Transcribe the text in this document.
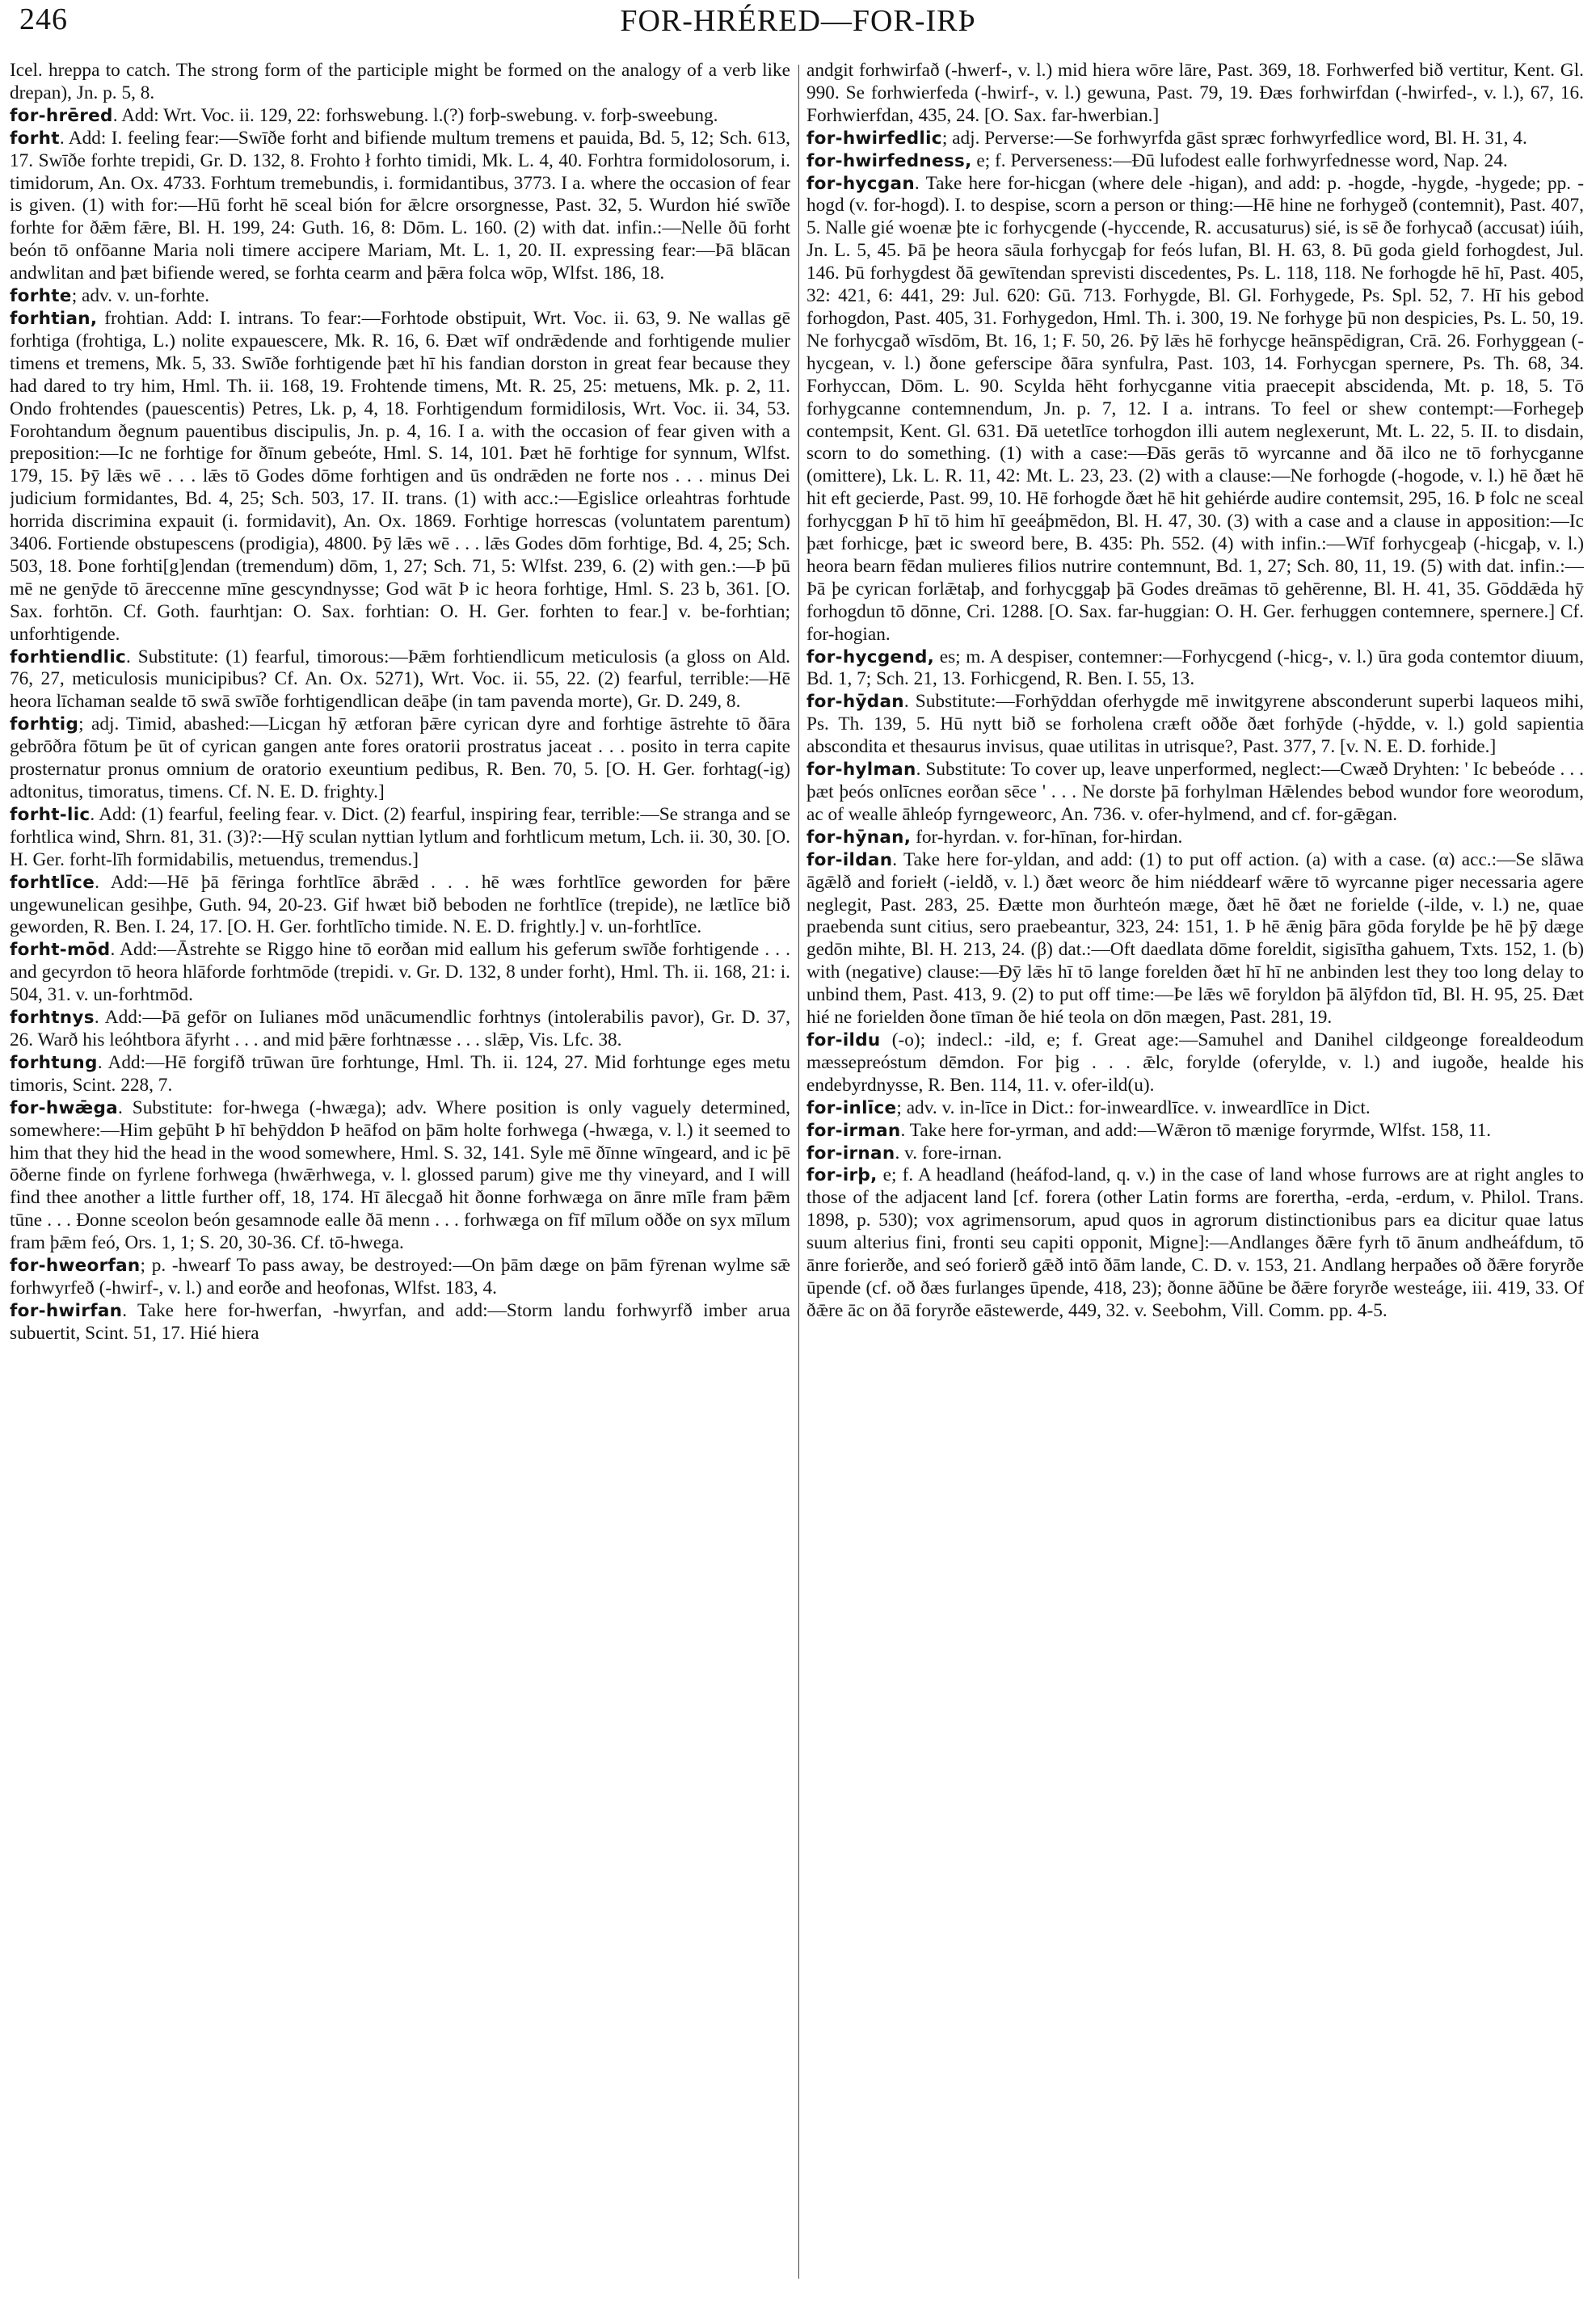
246	FOR-HRÉRED—FOR-IRÞ

Icel. hreppa to catch. The strong form of the participle might be formed on the analogy of a verb like drepan), Jn. p. 5, 8.

for-hrēred. Add: Wrt. Voc. ii. 129, 22: forhswebung. l.(?) forþ-swebung. v. forþ-sweebung.

forht. Add: I. feeling fear:—Swīðe forht and bifiende multum tremens et pauida, Bd. 5, 12; Sch. 613, 17. Swīðe forhte trepidi, Gr. D. 132, 8. Frohto ł forhto timidi, Mk. L. 4, 40. Forhtra formidolosorum, i. timidorum, An. Ox. 4733. Forhtum tremebundis, i. formidantibus, 3773. I a. where the occasion of fear is given. (1) with for:—Hū forht hē sceal bión for ǣlcre orsorgnesse, Past. 32, 5. Wurdon hié swīðe forhte for ðǣm fǣre, Bl. H. 199, 24: Guth. 16, 8: Dōm. L. 160. (2) with dat. infin.:—Nelle ðū forht beón tō onfōanne Maria noli timere accipere Mariam, Mt. L. 1, 20. II. expressing fear:—Þā blācan andwlitan and þæt bifiende wered, se forhta cearm and þǣra folca wōp, Wlfst. 186, 18.

forhte; adv. v. un-forhte.

forhtian, frohtian. Add: I. intrans. To fear:—Forhtode obstipuit, Wrt. Voc. ii. 63, 9. Ne wallas gē forhtiga (frohtiga, L.) nolite expauescere, Mk. R. 16, 6. Ðæt wīf ondrǣdende and forhtigende mulier timens et tremens, Mk. 5, 33. Swīðe forhtigende þæt hī his fandian dorston in great fear because they had dared to try him, Hml. Th. ii. 168, 19. Frohtende timens, Mt. R. 25, 25: metuens, Mk. p. 2, 11. Ondo frohtendes (pauescentis) Petres, Lk. p, 4, 18. Forhtigendum formidilosis, Wrt. Voc. ii. 34, 53. Forohtandum ðegnum pauentibus discipulis, Jn. p. 4, 16. I a. with the occasion of fear given with a preposition:—Ic ne forhtige for ðīnum gebeóte, Hml. S. 14, 101. Þæt hē forhtige for synnum, Wlfst. 179, 15. Þȳ lǣs wē . . . lǣs tō Godes dōme forhtigen and ūs ondrǣden ne forte nos . . . minus Dei judicium formidantes, Bd. 4, 25; Sch. 503, 17. II. trans. (1) with acc.:—Egislice orleahtras forhtude horrida discrimina expauit (i. formidavit), An. Ox. 1869. Forhtige horrescas (voluntatem parentum) 3406. Fortiende obstupescens (prodigia), 4800. Þȳ lǣs wē . . . lǣs Godes dōm forhtige, Bd. 4, 25; Sch. 503, 18. Þone forhti[g]endan (tremendum) dōm, 1, 27; Sch. 71, 5: Wlfst. 239, 6. (2) with gen.:—Þ þū mē ne genȳde tō āreccenne mīne gescyndnysse; God wāt Þ ic heora forhtige, Hml. S. 23 b, 361. [O. Sax. forhtōn. Cf. Goth. faurhtjan: O. Sax. forhtian: O. H. Ger. forhten to fear.] v. be-forhtian; unforhtigende.

forhtiendlic. Substitute: (1) fearful, timorous:—Þǣm forhtiendlicum meticulosis (a gloss on Ald. 76, 27, meticulosis municipibus? Cf. An. Ox. 5271), Wrt. Voc. ii. 55, 22. (2) fearful, terrible:—Hē heora līchaman sealde tō swā swīðe forhtigendlican deāþe (in tam pavenda morte), Gr. D. 249, 8.

forhtig; adj. Timid, abashed:—Licgan hȳ ætforan þǣre cyrican dyre and forhtige āstrehte tō ðāra gebrōðra fōtum þe ūt of cyrican gangen ante fores oratorii prostratus jaceat . . . posito in terra capite prosternatur pronus omnium de oratorio exeuntium pedibus, R. Ben. 70, 5. [O. H. Ger. forhtag(-ig) adtonitus, timoratus, timens. Cf. N. E. D. frighty.]

forht-lic. Add: (1) fearful, feeling fear. v. Dict. (2) fearful, inspiring fear, terrible:—Se stranga and se forhtlica wind, Shrn. 81, 31. (3)?:—Hȳ sculan nyttian lytlum and forhtlicum metum, Lch. ii. 30, 30. [O. H. Ger. forht-līh formidabilis, metuendus, tremendus.]

forhtlīce. Add:—Hē þā fēringa forhtlīce ābrǣd . . . hē wæs forhtlīce geworden for þǣre ungewunelican gesihþe, Guth. 94, 20-23. Gif hwæt bið beboden ne forhtlīce (trepide), ne lætlīce bið geworden, R. Ben. I. 24, 17. [O. H. Ger. forhtlīcho timide. N. E. D. frightly.] v. un-forhtlīce.

forht-mōd. Add:—Āstrehte se Riggo hine tō eorðan mid eallum his geferum swīðe forhtigende . . . and gecyrdon tō heora hlāforde forhtmōde (trepidi. v. Gr. D. 132, 8 under forht), Hml. Th. ii. 168, 21: i. 504, 31. v. un-forhtmōd.

forhtnys. Add:—Þā gefōr on Iulianes mōd unācumendlic forhtnys (intolerabilis pavor), Gr. D. 37, 26. Warð his leóhtbora āfyrht . . . and mid þǣre forhtnæsse . . . slǣp, Vis. Lfc. 38.

forhtung. Add:—Hē forgifð trūwan ūre forhtunge, Hml. Th. ii. 124, 27. Mid forhtunge eges metu timoris, Scint. 228, 7.

for-hwǣga. Substitute: for-hwega (-hwæga); adv. Where position is only vaguely determined, somewhere:—Him geþūht Þ hī behȳddon Þ heāfod on þām holte forhwega (-hwæga, v. l.) it seemed to him that they hid the head in the wood somewhere, Hml. S. 32, 141. Syle mē ðīnne wīngeard, and ic þē ōðerne finde on fyrlene forhwega (hwǣrhwega, v. l. glossed parum) give me thy vineyard, and I will find thee another a little further off, 18, 174. Hī ālecgað hit ðonne forhwæga on ānre mīle fram þǣm tūne . . . Ðonne sceolon beón gesamnode ealle ðā menn . . . forhwæga on fīf mīlum oððe on syx mīlum fram þǣm feó, Ors. 1, 1; S. 20, 30-36. Cf. tō-hwega.

for-hweorfan; p. -hwearf To pass away, be destroyed:—On þām dæge on þām fȳrenan wylme sǣ forhwyrfeð (-hwirf-, v. l.) and eorðe and heofonas, Wlfst. 183, 4.

for-hwirfan. Take here for-hwerfan, -hwyrfan, and add:—Storm landu forhwyrfð imber arua subuertit, Scint. 51, 17. Hié hiera

andgit forhwirfað (-hwerf-, v. l.) mid hiera wōre lāre, Past. 369, 18. Forhwerfed bið vertitur, Kent. Gl. 990. Se forhwierfeda (-hwirf-, v. l.) gewuna, Past. 79, 19. Ðæs forhwirfdan (-hwirfed-, v. l.), 67, 16. Forhwierfdan, 435, 24. [O. Sax. far-hwerbian.]

for-hwirfedlic; adj. Perverse:—Se forhwyrfda gāst spræc forhwyrfedlice word, Bl. H. 31, 4.

for-hwirfedness, e; f. Perverseness:—Ðū lufodest ealle forhwyrfednesse word, Nap. 24.

for-hycgan. Take here for-hicgan (where dele -higan), and add: p. -hogde, -hygde, -hygede; pp. -hogd (v. for-hogd). I. to despise, scorn a person or thing:—Hē hine ne forhygeð (contemnit), Past. 407, 5. Nalle gié woenæ þte ic forhycgende (-hyccende, R. accusaturus) sié, is sē ðe forhycað (accusat) iúih, Jn. L. 5, 45. Þā þe heora sāula forhycgaþ for feós lufan, Bl. H. 63, 8. Þū goda gield forhogdest, Jul. 146. Þū forhygdest ðā gewītendan sprevisti discedentes, Ps. L. 118, 118. Ne forhogde hē hī, Past. 405, 32: 421, 6: 441, 29: Jul. 620: Gū. 713. Forhygde, Bl. Gl. Forhygede, Ps. Spl. 52, 7. Hī his gebod forhogdon, Past. 405, 31. Forhygedon, Hml. Th. i. 300, 19. Ne forhyge þū non despicies, Ps. L. 50, 19. Ne forhycgað wīsdōm, Bt. 16, 1; F. 50, 26. Þȳ lǣs hē forhycge heānspēdigran, Crā. 26. Forhyggean (-hycgean, v. l.) ðone geferscipe ðāra synfulra, Past. 103, 14. Forhycgan spernere, Ps. Th. 68, 34. Forhyccan, Dōm. L. 90. Scylda hēht forhycganne vitia praecepit abscidenda, Mt. p. 18, 5. Tō forhygcanne contemnendum, Jn. p. 7, 12. I a. intrans. To feel or shew contempt:—Forhegeþ contempsit, Kent. Gl. 631. Ðā uetetlīce torhogdon illi autem neglexerunt, Mt. L. 22, 5. II. to disdain, scorn to do something. (1) with a case:—Ðās gerās tō wyrcanne and ðā ilco ne tō forhycganne (omittere), Lk. L. R. 11, 42: Mt. L. 23, 23. (2) with a clause:—Ne forhogde (-hogode, v. l.) hē ðæt hē hit eft gecierde, Past. 99, 10. Hē forhogde ðæt hē hit gehiérde audire contemsit, 295, 16. Þ folc ne sceal forhycggan Þ hī tō him hī geeáþmēdon, Bl. H. 47, 30. (3) with a case and a clause in apposition:—Ic þæt forhicge, þæt ic sweord bere, B. 435: Ph. 552. (4) with infin.:—Wīf forhycgeaþ (-hicgaþ, v. l.) heora bearn fēdan mulieres filios nutrire contemnunt, Bd. 1, 27; Sch. 80, 11, 19. (5) with dat. infin.:—Þā þe cyrican forlǣtaþ, and forhycggaþ þā Godes dreāmas tō gehērenne, Bl. H. 41, 35. Gōddǣda hȳ forhogdun tō dōnne, Cri. 1288. [O. Sax. far-huggian: O. H. Ger. ferhuggen contemnere, spernere.] Cf. for-hogian.

for-hycgend, es; m. A despiser, contemner:—Forhycgend (-hicg-, v. l.) ūra goda contemtor diuum, Bd. 1, 7; Sch. 21, 13. Forhicgend, R. Ben. I. 55, 13.

for-hȳdan. Substitute:—Forhȳddan oferhygde mē inwitgyrene absconderunt superbi laqueos mihi, Ps. Th. 139, 5. Hū nytt bið se forholena cræft oððe ðæt forhȳde (-hȳdde, v. l.) gold sapientia abscondita et thesaurus invisus, quae utilitas in utrisque?, Past. 377, 7. [v. N. E. D. forhide.]

for-hylman. Substitute: To cover up, leave unperformed, neglect:—Cwæð Dryhten: ' Ic bebeóde . . . þæt þeós onlīcnes eorðan sēce ' . . . Ne dorste þā forhylman Hǣlendes bebod wundor fore weorodum, ac of wealle āhleóp fyrngeweorc, An. 736. v. ofer-hylmend, and cf. for-gǣgan.

for-hȳnan, for-hyrdan. v. for-hīnan, for-hirdan.

for-ildan. Take here for-yldan, and add: (1) to put off action. (a) with a case. (α) acc.:—Se slāwa āgǣlð and foriełt (-ieldð, v. l.) ðæt weorc ðe him niéddearf wǣre tō wyrcanne piger necessaria agere neglegit, Past. 283, 25. Ðætte mon ðurhteón mæge, ðæt hē ðæt ne forielde (-ilde, v. l.) ne, quae praebenda sunt citius, sero praebeantur, 323, 24: 151, 1. Þ hē ǣnig þāra gōda forylde þe hē þȳ dæge gedōn mihte, Bl. H. 213, 24. (β) dat.:—Oft daedlata dōme foreldit, sigisītha gahuem, Txts. 152, 1. (b) with (negative) clause:—Ðȳ lǣs hī tō lange forelden ðæt hī hī ne anbinden lest they too long delay to unbind them, Past. 413, 9. (2) to put off time:—Þe lǣs wē foryldon þā ālȳfdon tīd, Bl. H. 95, 25. Ðæt hié ne forielden ðone tīman ðe hié teola on dōn mægen, Past. 281, 19.

for-ildu (-o); indecl.: -ild, e; f. Great age:—Samuhel and Danihel cildgeonge forealdeodum mæssepreóstum dēmdon. For þig . . . ǣlc, forylde (oferylde, v. l.) and iugoðe, healde his endebyrdnysse, R. Ben. 114, 11. v. ofer-ild(u).

for-inlīce; adv. v. in-līce in Dict.: for-inweardlīce. v. inweardlīce in Dict.

for-irman. Take here for-yrman, and add:—Wǣron tō mænige foryrmde, Wlfst. 158, 11.

for-irnan. v. fore-irnan.

for-irþ, e; f. A headland (heáfod-land, q. v.) in the case of land whose furrows are at right angles to those of the adjacent land [cf. forera (other Latin forms are forertha, -erda, -erdum, v. Philol. Trans. 1898, p. 530); vox agrimensorum, apud quos in agrorum distinctionibus pars ea dicitur quae latus suum alterius fini, fronti seu capiti opponit, Migne]:—Andlanges ðǣre fyrh tō ānum andheáfdum, tō ānre forierðe, and seó forierð gǣð intō ðām lande, C. D. v. 153, 21. Andlang herpaðes oð ðǣre foryrðe ūpende (cf. oð ðæs furlanges ūpende, 418, 23); ðonne āðūne be ðǣre foryrðe westeáge, iii. 419, 33. Of ðǣre āc on ðā foryrðe eāstewerde, 449, 32. v. Seebohm, Vill. Comm. pp. 4-5.
